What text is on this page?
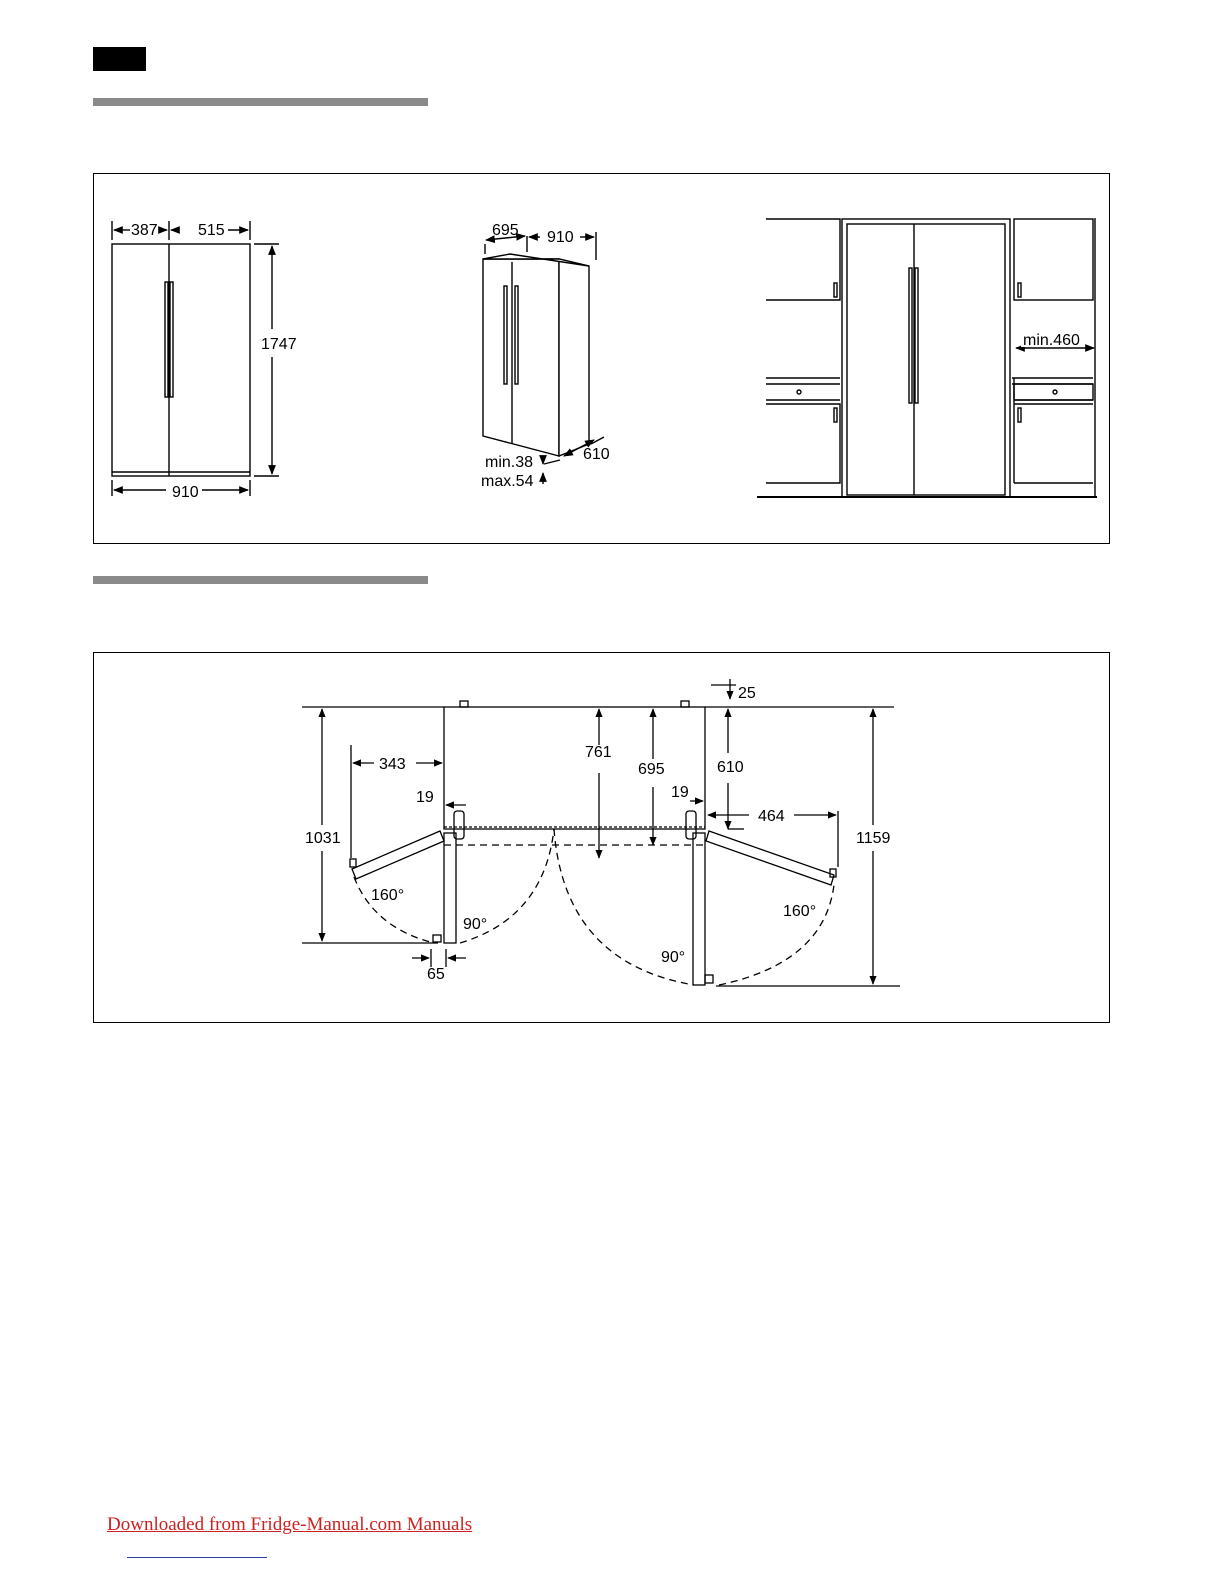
387	515
1747
910
695 910
610
min.38
max.54
min.460
25
761
695	610
343
19	19
464
1031	1159
65
160°
90°
160°
90°
Downloaded from Fridge-Manual.com Manuals
